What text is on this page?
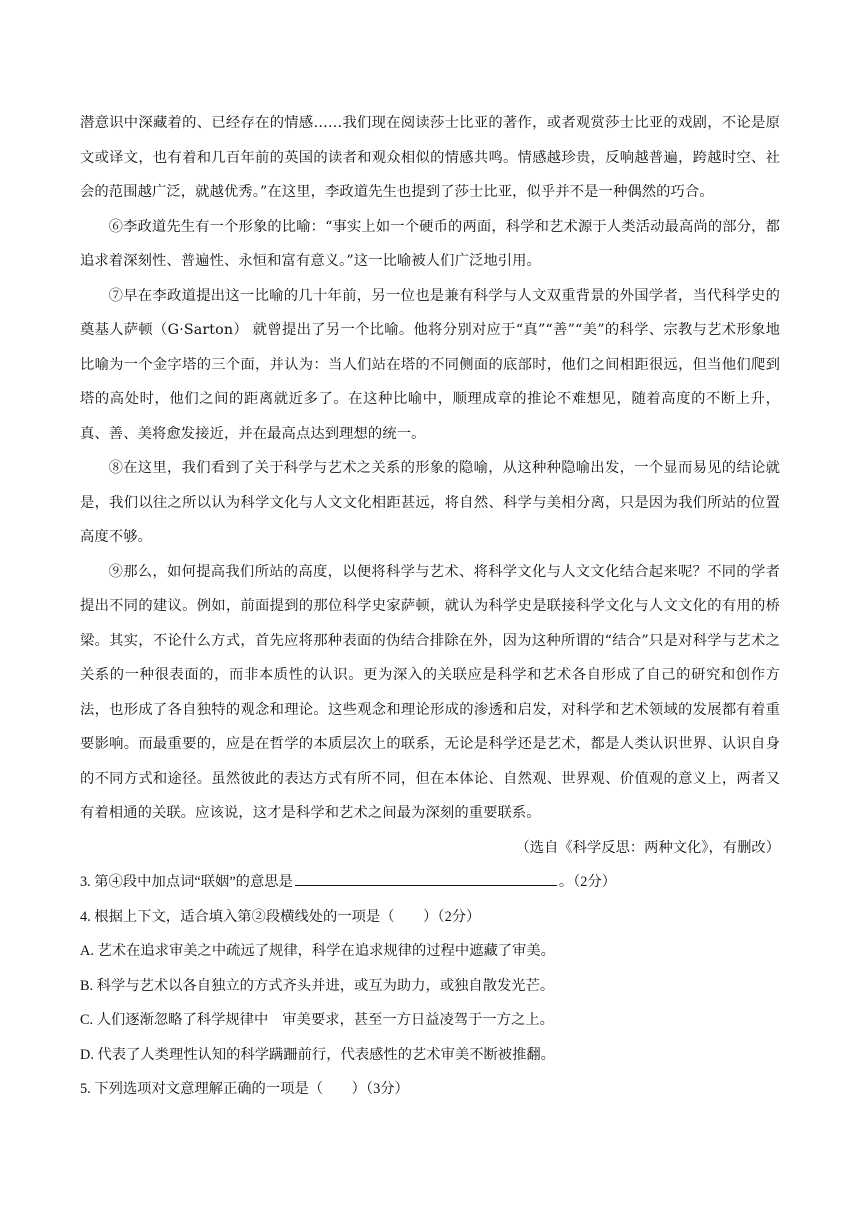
潜意识中深藏着的、已经存在的情感……我们现在阅读莎士比亚的著作，或者观赏莎士比亚的戏剧，不论是原文或译文，也有着和几百年前的英国的读者和观众相似的情感共鸣。情感越珍贵，反响越普遍，跨越时空、社会的范围越广泛，就越优秀。”在这里，李政道先生也提到了莎士比亚，似乎并不是一种偶然的巧合。

⑥李政道先生有一个形象的比喻：“事实上如一个硬币的两面，科学和艺术源于人类活动最高尚的部分，都追求着深刻性、普遍性、永恒和富有意义。”这一比喻被人们广泛地引用。

⑦早在李政道提出这一比喻的几十年前，另一位也是兼有科学与人文双重背景的外国学者，当代科学史的奠基人萨顿（G·Sarton） 就曾提出了另一个比喻。他将分别对应于“真”“善”“美”的科学、宗教与艺术形象地比喻为一个金字塔的三个面，并认为：当人们站在塔的不同侧面的底部时，他们之间相距很远，但当他们爬到塔的高处时，他们之间的距离就近多了。在这种比喻中，顺理成章的推论不难想见，随着高度的不断上升，真、善、美将愈发接近，并在最高点达到理想的统一。

⑧在这里，我们看到了关于科学与艺术之关系的形象的隐喻，从这种种隐喻出发，一个显而易见的结论就是，我们以往之所以认为科学文化与人文文化相距甚远，将自然、科学与美相分离，只是因为我们所站的位置高度不够。

⑨那么，如何提高我们所站的高度，以便将科学与艺术、将科学文化与人文文化结合起来呢？不同的学者提出不同的建议。例如，前面提到的那位科学史家萨顿，就认为科学史是联接科学文化与人文文化的有用的桥梁。其实，不论什么方式，首先应将那种表面的伪结合排除在外，因为这种所谓的“结合”只是对科学与艺术之关系的一种很表面的，而非本质性的认识。更为深入的关联应是科学和艺术各自形成了自己的研究和创作方法，也形成了各自独特的观念和理论。这些观念和理论形成的渗透和启发，对科学和艺术领域的发展都有着重要影响。而最重要的，应是在哲学的本质层次上的联系，无论是科学还是艺术，都是人类认识世界、认识自身的不同方式和途径。虽然彼此的表达方式有所不同，但在本体论、自然观、世界观、价值观的意义上，两者又有着相通的关联。应该说，这才是科学和艺术之间最为深刻的重要联系。

（选自《科学反思：两种文化》，有删改）

3. 第④段中加点词“联姻”的意思是	。（2分）

4. 根据上下文，适合填入第②段横线处的一项是（　　）（2分）

A. 艺术在追求审美之中疏远了规律，科学在追求规律的过程中遮藏了审美。

B. 科学与艺术以各自独立的方式齐头并进，或互为助力，或独自散发光芒。

C. 人们逐渐忽略了科学规律中 审美要求，甚至一方日益凌驾于一方之上。

D. 代表了人类理性认知的科学蹒跚前行，代表感性的艺术审美不断被推翻。

5. 下列选项对文意理解正确的一项是（　　）（3分）
